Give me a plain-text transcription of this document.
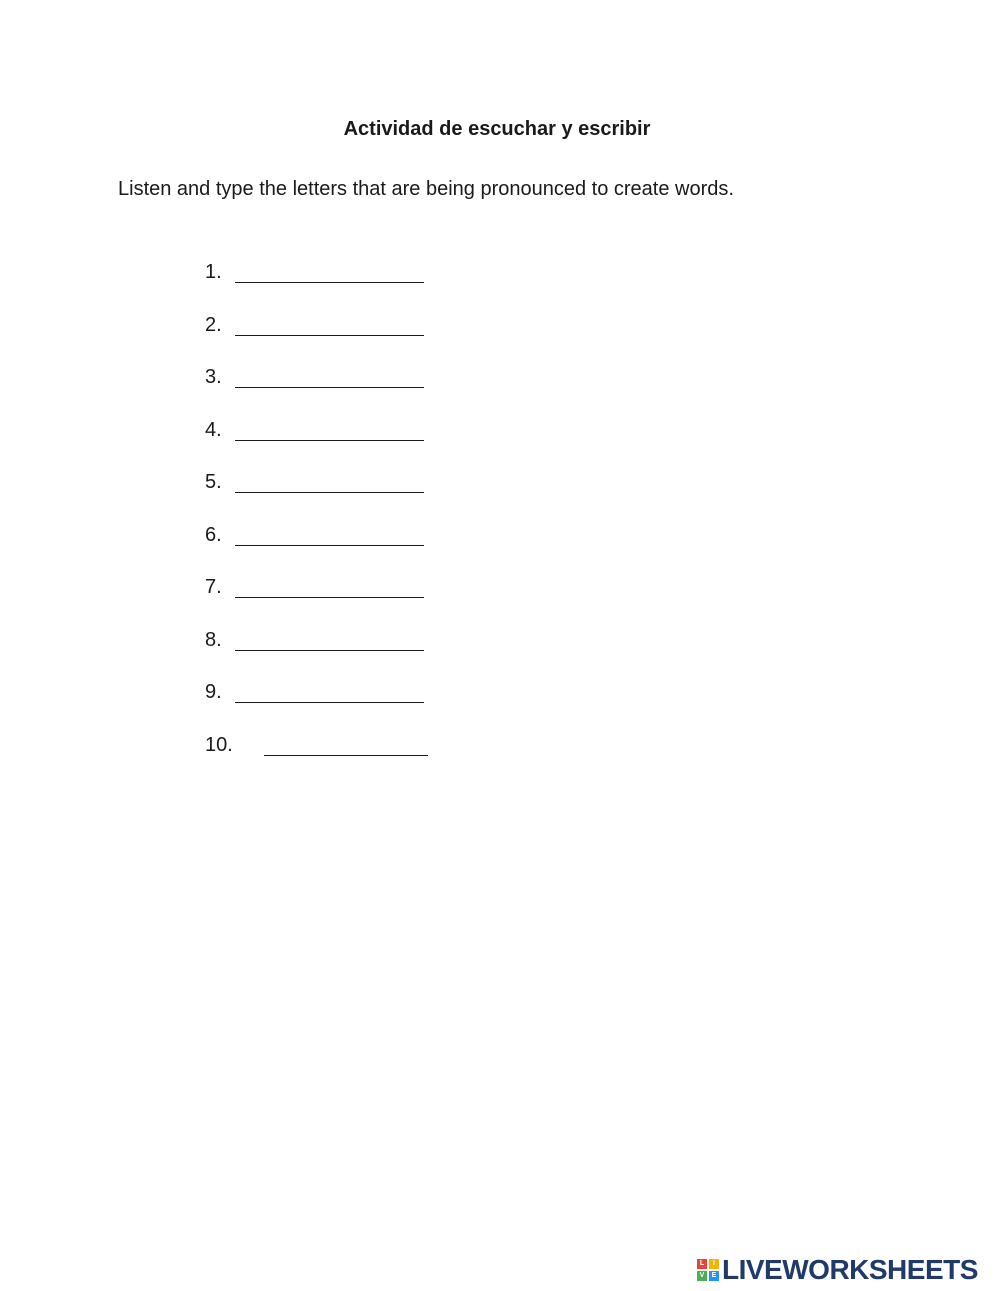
Actividad de escuchar y escribir
Listen and type the letters that are being pronounced to create words.
1.
2.
3.
4.
5.
6.
7.
8.
9.
10.
L	I
V	E LIVEWORKSHEETS
